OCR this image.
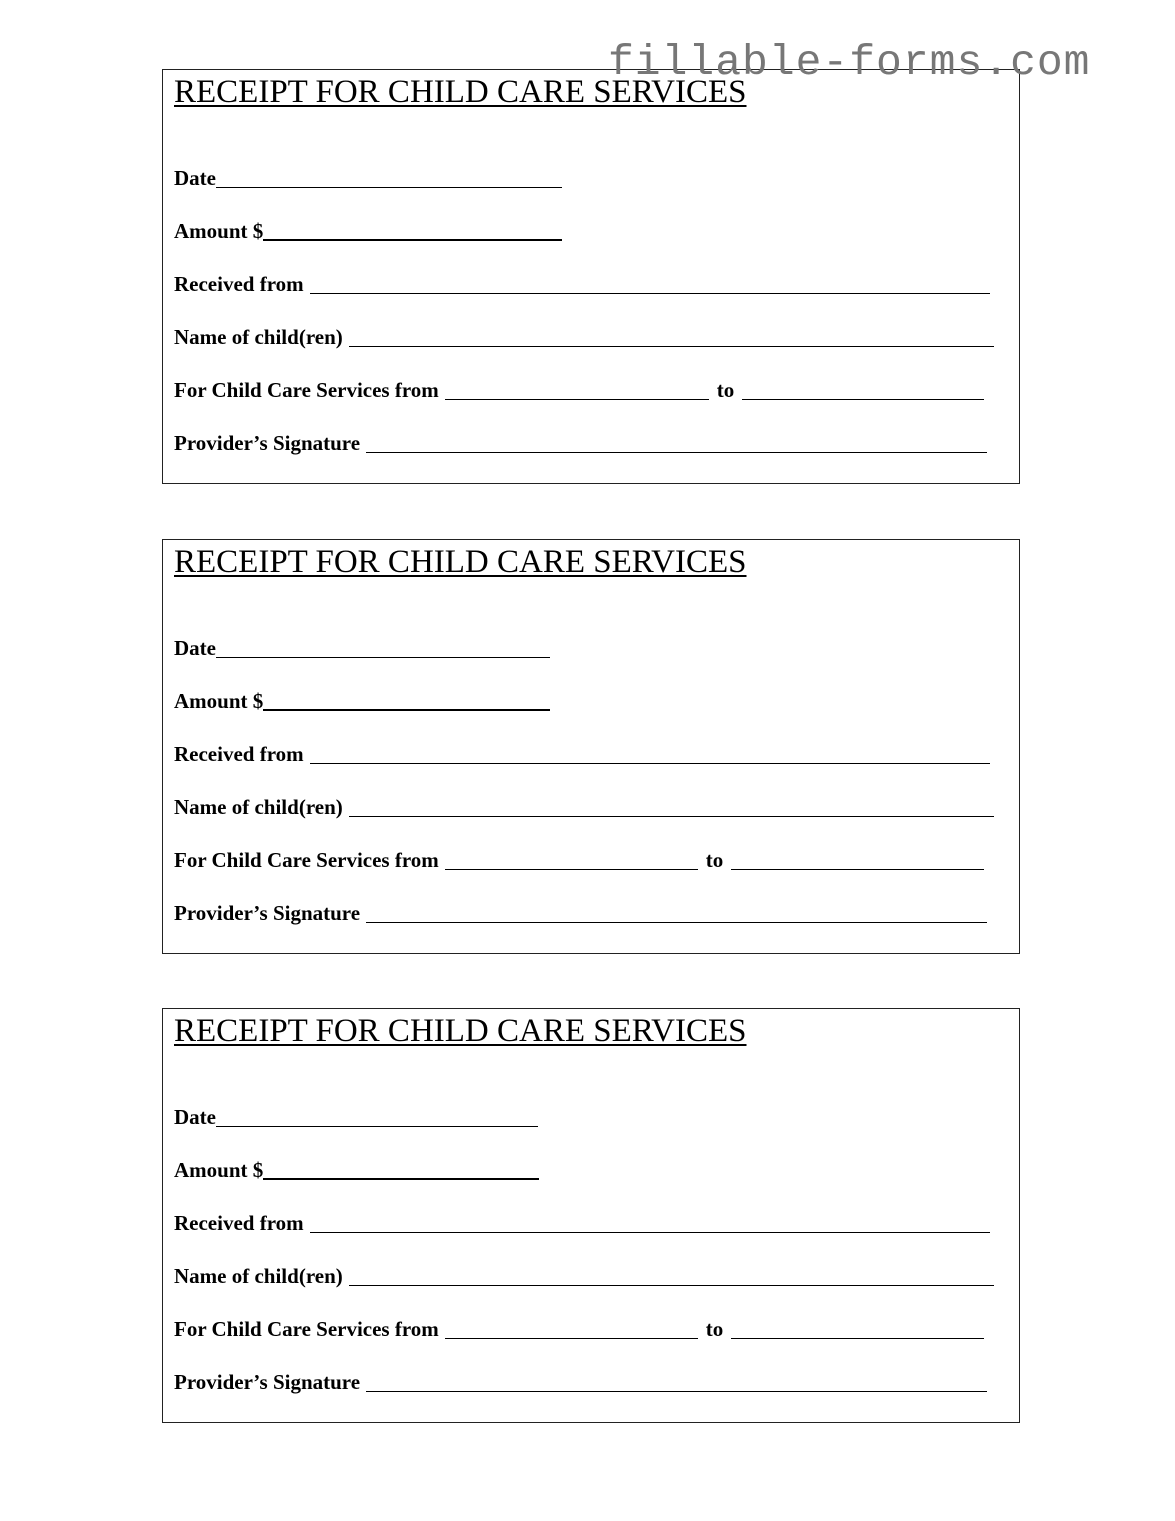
fillable-forms.com
RECEIPT FOR CHILD CARE SERVICES
Date
Amount $
Received from
Name of child(ren)
For Child Care Services from	to
Provider’s Signature
RECEIPT FOR CHILD CARE SERVICES
Date
Amount $
Received from
Name of child(ren)
For Child Care Services from	to
Provider’s Signature
RECEIPT FOR CHILD CARE SERVICES
Date
Amount $
Received from
Name of child(ren)
For Child Care Services from	to
Provider’s Signature
